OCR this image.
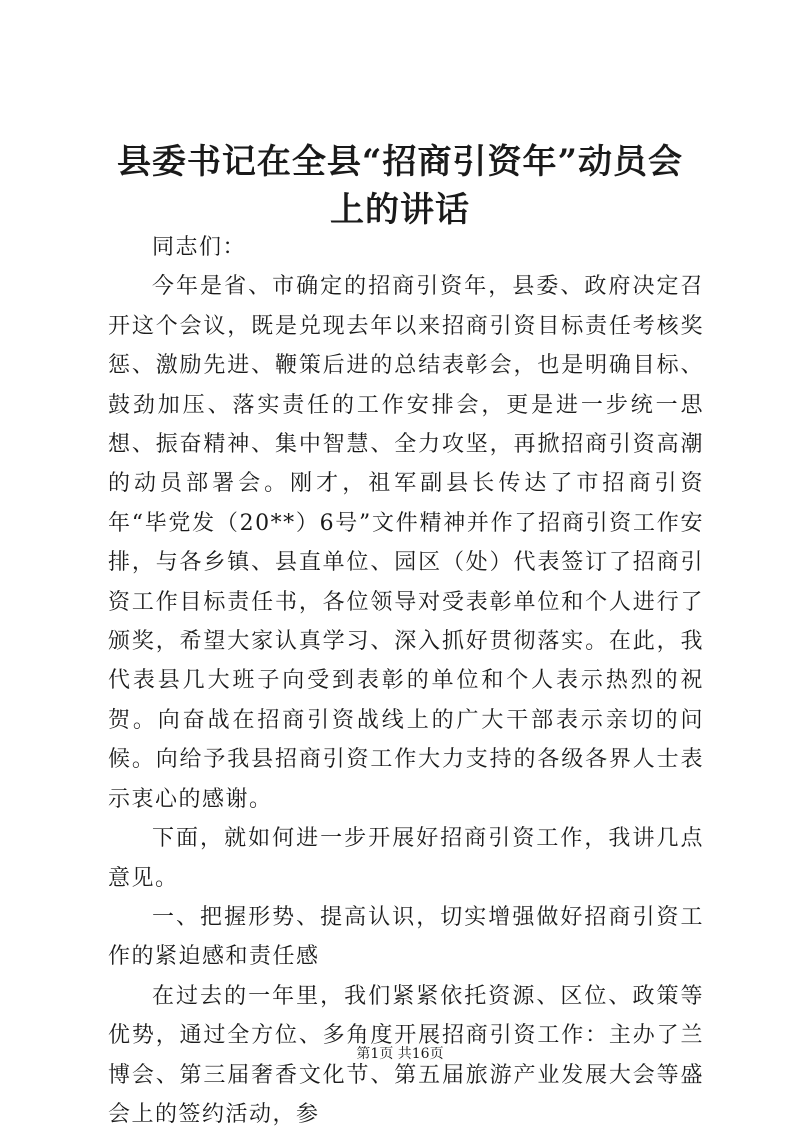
县委书记在全县“招商引资年”动员会上的讲话

同志们：

今年是省、市确定的招商引资年，县委、政府决定召开这个会议，既是兑现去年以来招商引资目标责任考核奖惩、激励先进、鞭策后进的总结表彰会，也是明确目标、鼓劲加压、落实责任的工作安排会，更是进一步统一思想、振奋精神、集中智慧、全力攻坚，再掀招商引资高潮的动员部署会。刚才，祖军副县长传达了市招商引资年“毕党发（20**）6号”文件精神并作了招商引资工作安排，与各乡镇、县直单位、园区（处）代表签订了招商引资工作目标责任书，各位领导对受表彰单位和个人进行了颁奖，希望大家认真学习、深入抓好贯彻落实。在此，我代表县几大班子向受到表彰的单位和个人表示热烈的祝贺。向奋战在招商引资战线上的广大干部表示亲切的问候。向给予我县招商引资工作大力支持的各级各界人士表示衷心的感谢。

下面，就如何进一步开展好招商引资工作，我讲几点意见。

一、把握形势、提高认识，切实增强做好招商引资工作的紧迫感和责任感

在过去的一年里，我们紧紧依托资源、区位、政策等优势，通过全方位、多角度开展招商引资工作：主办了兰博会、第三届奢香文化节、第五届旅游产业发展大会等盛会上的签约活动，参

第1页 共16页
